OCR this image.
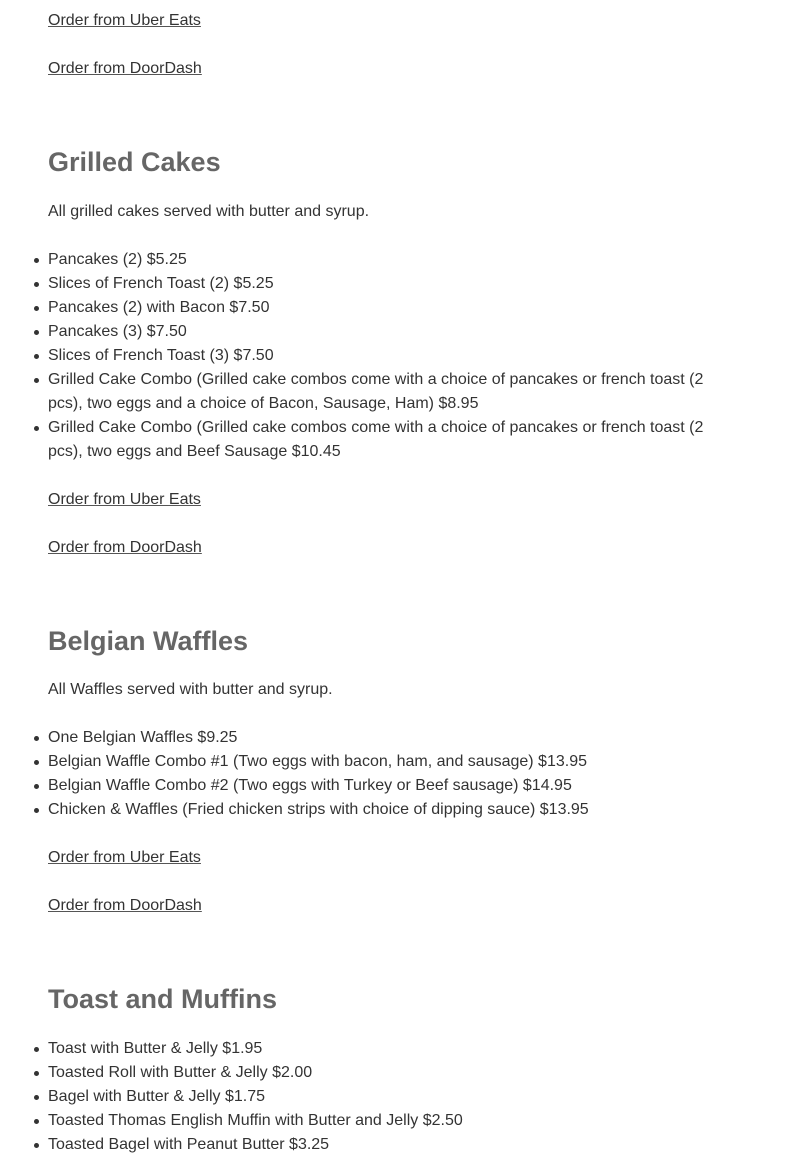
Order from Uber Eats
Order from DoorDash
Grilled Cakes

All grilled cakes served with butter and syrup.

Pancakes (2) $5.25
Slices of French Toast (2) $5.25
Pancakes (2) with Bacon $7.50
Pancakes (3) $7.50
Slices of French Toast (3) $7.50
Grilled Cake Combo (Grilled cake combos come with a choice of pancakes or french toast (2 pcs), two eggs and a choice of Bacon, Sausage, Ham) $8.95
Grilled Cake Combo (Grilled cake combos come with a choice of pancakes or french toast (2 pcs), two eggs and Beef Sausage $10.45
Order from Uber Eats
Order from DoorDash
Belgian Waffles

All Waffles served with butter and syrup.

One Belgian Waffles $9.25
Belgian Waffle Combo #1 (Two eggs with bacon, ham, and sausage) $13.95
Belgian Waffle Combo #2 (Two eggs with Turkey or Beef sausage) $14.95
Chicken & Waffles (Fried chicken strips with choice of dipping sauce) $13.95
Order from Uber Eats
Order from DoorDash
Toast and Muffins
Toast with Butter & Jelly $1.95
Toasted Roll with Butter & Jelly $2.00
Bagel with Butter & Jelly $1.75
Toasted Thomas English Muffin with Butter and Jelly $2.50
Toasted Bagel with Peanut Butter $3.25
